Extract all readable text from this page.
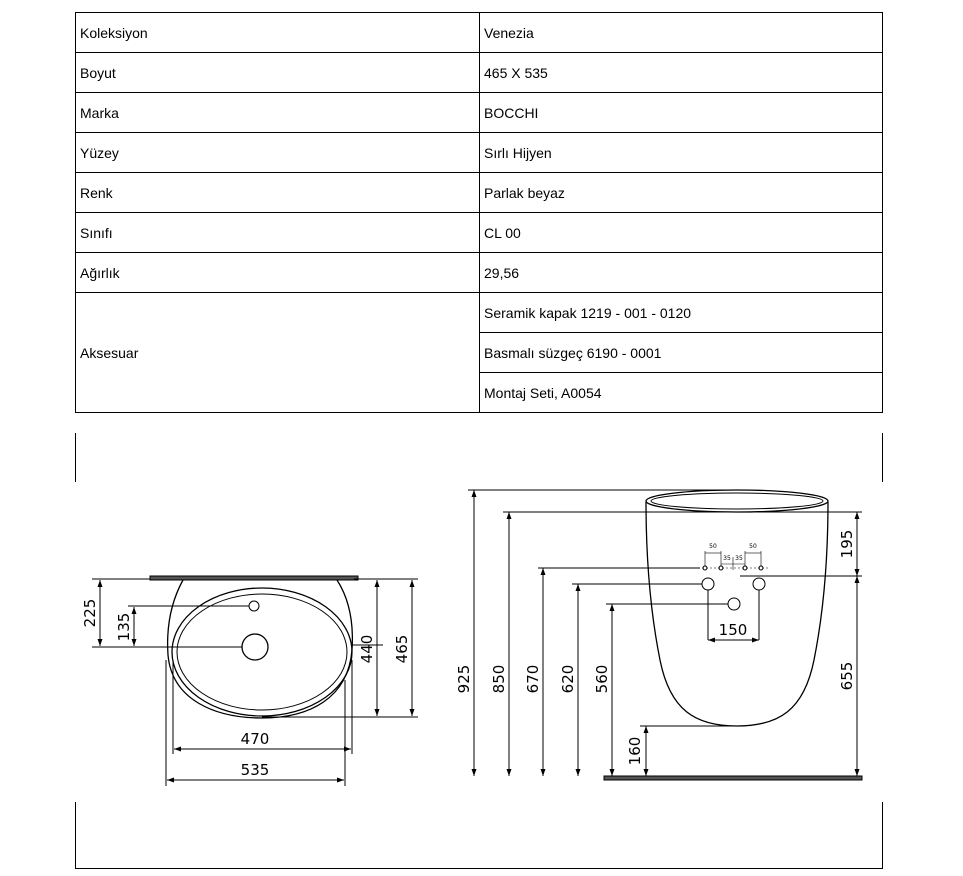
Koleksiyon	Venezia
Boyut	465 X 535
Marka	BOCCHI
Yüzey	Sırlı Hijyen
Renk	Parlak beyaz
Sınıfı	CL 00
Ağırlık	29,56
Aksesuar	Seramik kapak 1219 - 001 - 0120
	Basmalı süzgeç 6190 - 0001
	Montaj Seti, A0054
225 135
440 465
470
535
50	50
35 35
925 850 670 620 560
160
195
655
150
